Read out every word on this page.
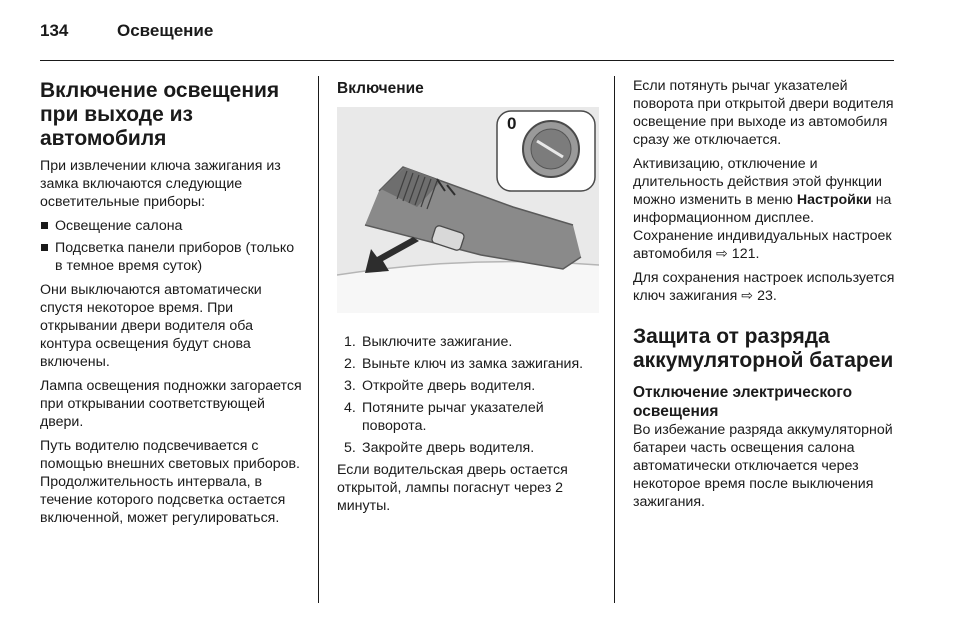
134	Освещение
Включение освещения при выходе из автомобиля

При извлечении ключа зажигания из замка включаются следующие осветительные приборы:

Освещение салона
Подсветка панели приборов (только в темное время суток)

Они выключаются автоматически спустя некоторое время. При открывании двери водителя оба контура освещения будут снова включены.

Лампа освещения подножки загорается при открывании соответствующей двери.

Путь водителю подсвечивается с помощью внешних световых приборов. Продолжительность интервала, в течение которого подсветка остается включенной, может регулироваться.

Включение
0
1. Выключите зажигание.
2. Выньте ключ из замка зажигания.
3. Откройте дверь водителя.
4. Потяните рычаг указателей поворота.
5. Закройте дверь водителя.

Если водительская дверь остается открытой, лампы погаснут через 2 минуты.

Если потянуть рычаг указателей поворота при открытой двери водителя освещение при выходе из автомобиля сразу же отключается.

Активизацию, отключение и длительность действия этой функции можно изменить в меню Настройки на информационном дисплее. Сохранение индивидуальных настроек автомобиля ⇨ 121.

Для сохранения настроек используется ключ зажигания ⇨ 23.

Защита от разряда аккумуляторной батареи
Отключение электрического освещения

Во избежание разряда аккумуляторной батареи часть освещения салона автоматически отключается через некоторое время после выключения зажигания.
